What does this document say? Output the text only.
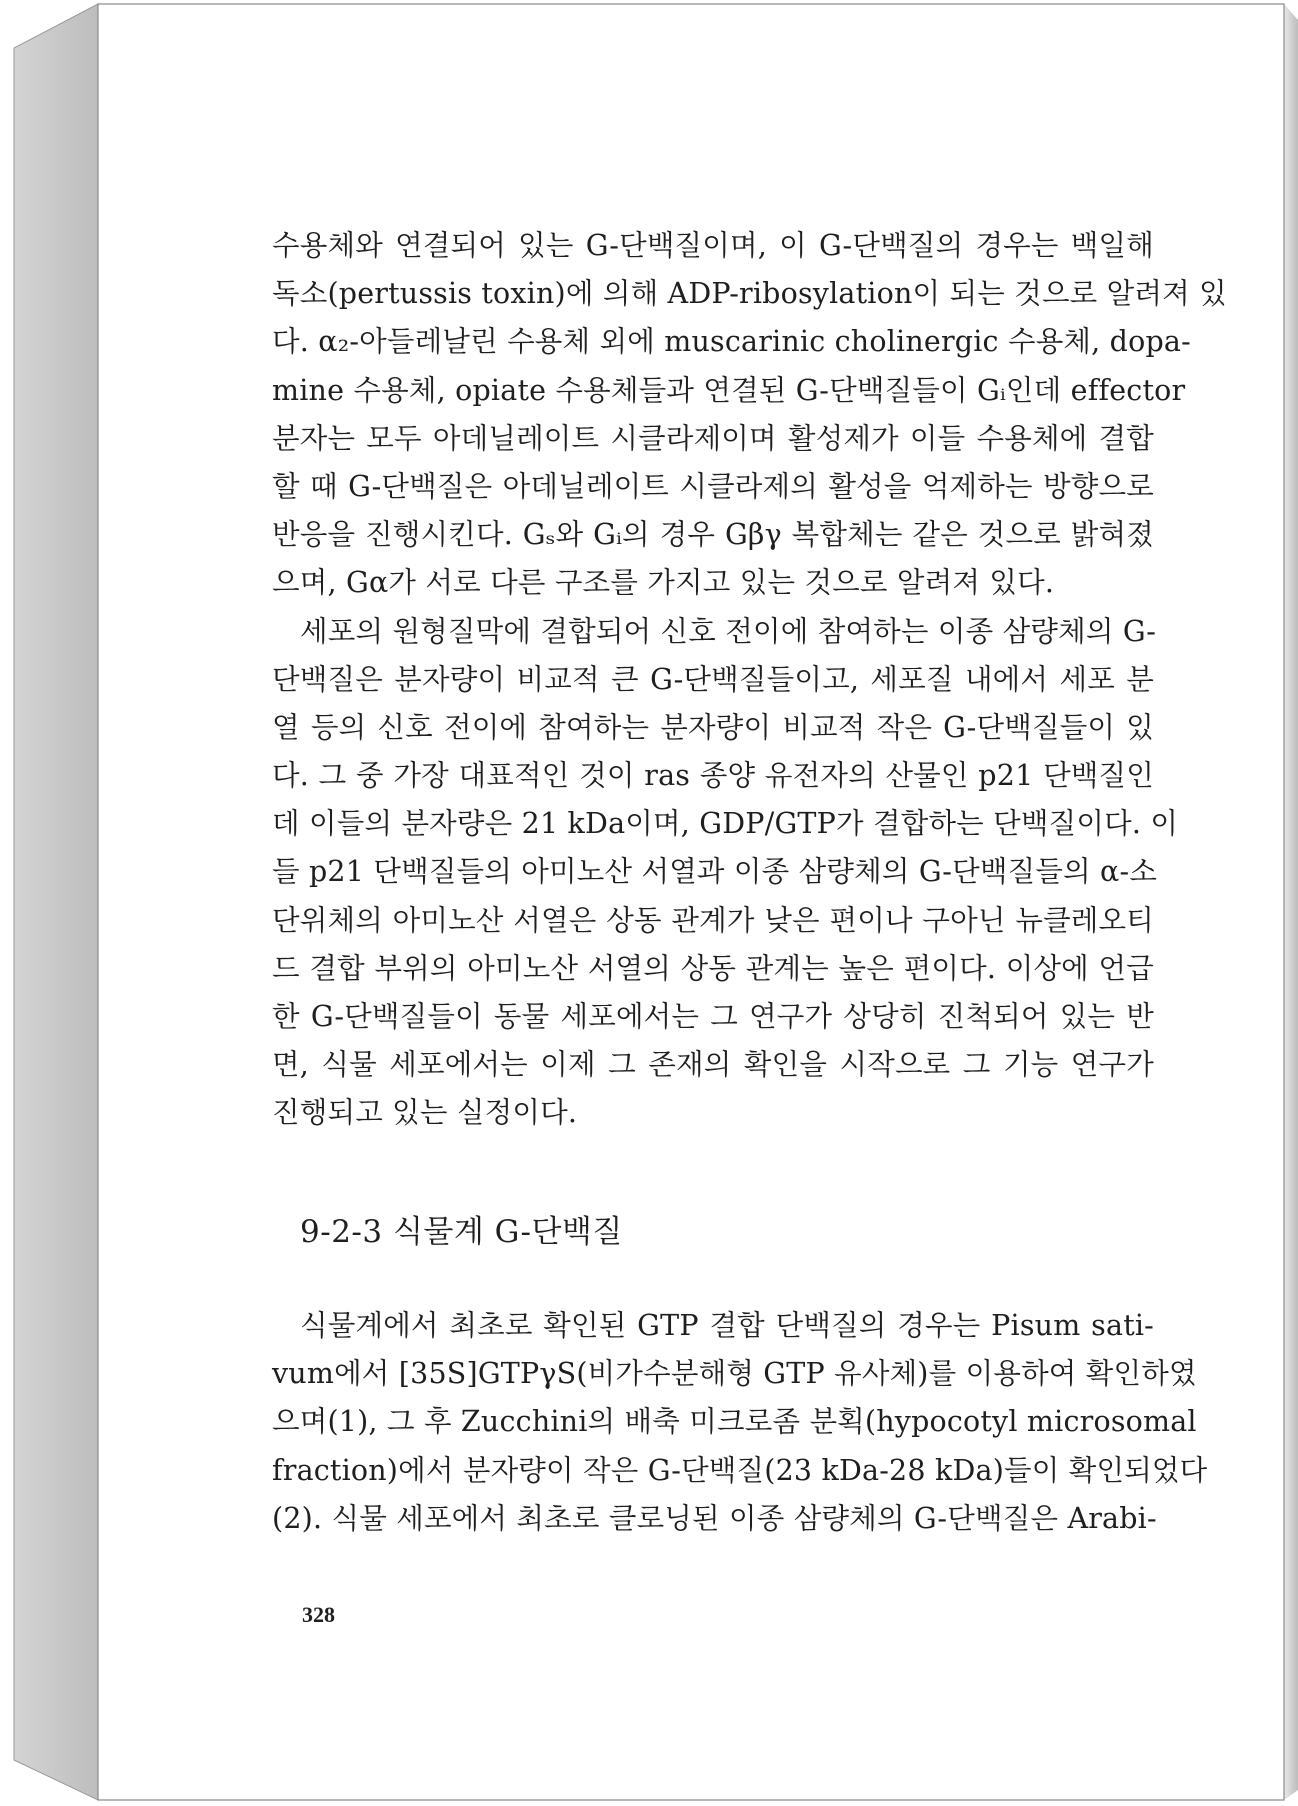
수용체와 연결되어 있는 G-단백질이며, 이 G-단백질의 경우는 백일해
독소(pertussis toxin)에 의해 ADP-ribosylation이 되는 것으로 알려져 있
다. α₂-아들레날린 수용체 외에 muscarinic cholinergic 수용체, dopa-
mine 수용체, opiate 수용체들과 연결된 G-단백질들이 Gᵢ인데 effector
분자는 모두 아데닐레이트 시클라제이며 활성제가 이들 수용체에 결합
할 때 G-단백질은 아데닐레이트 시클라제의 활성을 억제하는 방향으로
반응을 진행시킨다. Gₛ와 Gᵢ의 경우 Gβγ 복합체는 같은 것으로 밝혀졌
으며, Gα가 서로 다른 구조를 가지고 있는 것으로 알려져 있다.

세포의 원형질막에 결합되어 신호 전이에 참여하는 이종 삼량체의 G-
단백질은 분자량이 비교적 큰 G-단백질들이고, 세포질 내에서 세포 분
열 등의 신호 전이에 참여하는 분자량이 비교적 작은 G-단백질들이 있
다. 그 중 가장 대표적인 것이 ras 종양 유전자의 산물인 p21 단백질인
데 이들의 분자량은 21 kDa이며, GDP/GTP가 결합하는 단백질이다. 이
들 p21 단백질들의 아미노산 서열과 이종 삼량체의 G-단백질들의 α-소
단위체의 아미노산 서열은 상동 관계가 낮은 편이나 구아닌 뉴클레오티
드 결합 부위의 아미노산 서열의 상동 관계는 높은 편이다. 이상에 언급
한 G-단백질들이 동물 세포에서는 그 연구가 상당히 진척되어 있는 반
면, 식물 세포에서는 이제 그 존재의 확인을 시작으로 그 기능 연구가
진행되고 있는 실정이다.

9-2-3 식물계 G-단백질

식물계에서 최초로 확인된 GTP 결합 단백질의 경우는 Pisum sati-
vum에서 [35S]GTPγS(비가수분해형 GTP 유사체)를 이용하여 확인하였
으며(1), 그 후 Zucchini의 배축 미크로좀 분획(hypocotyl microsomal
fraction)에서 분자량이 작은 G-단백질(23 kDa-28 kDa)들이 확인되었다
(2). 식물 세포에서 최초로 클로닝된 이종 삼량체의 G-단백질은 Arabi-

328
